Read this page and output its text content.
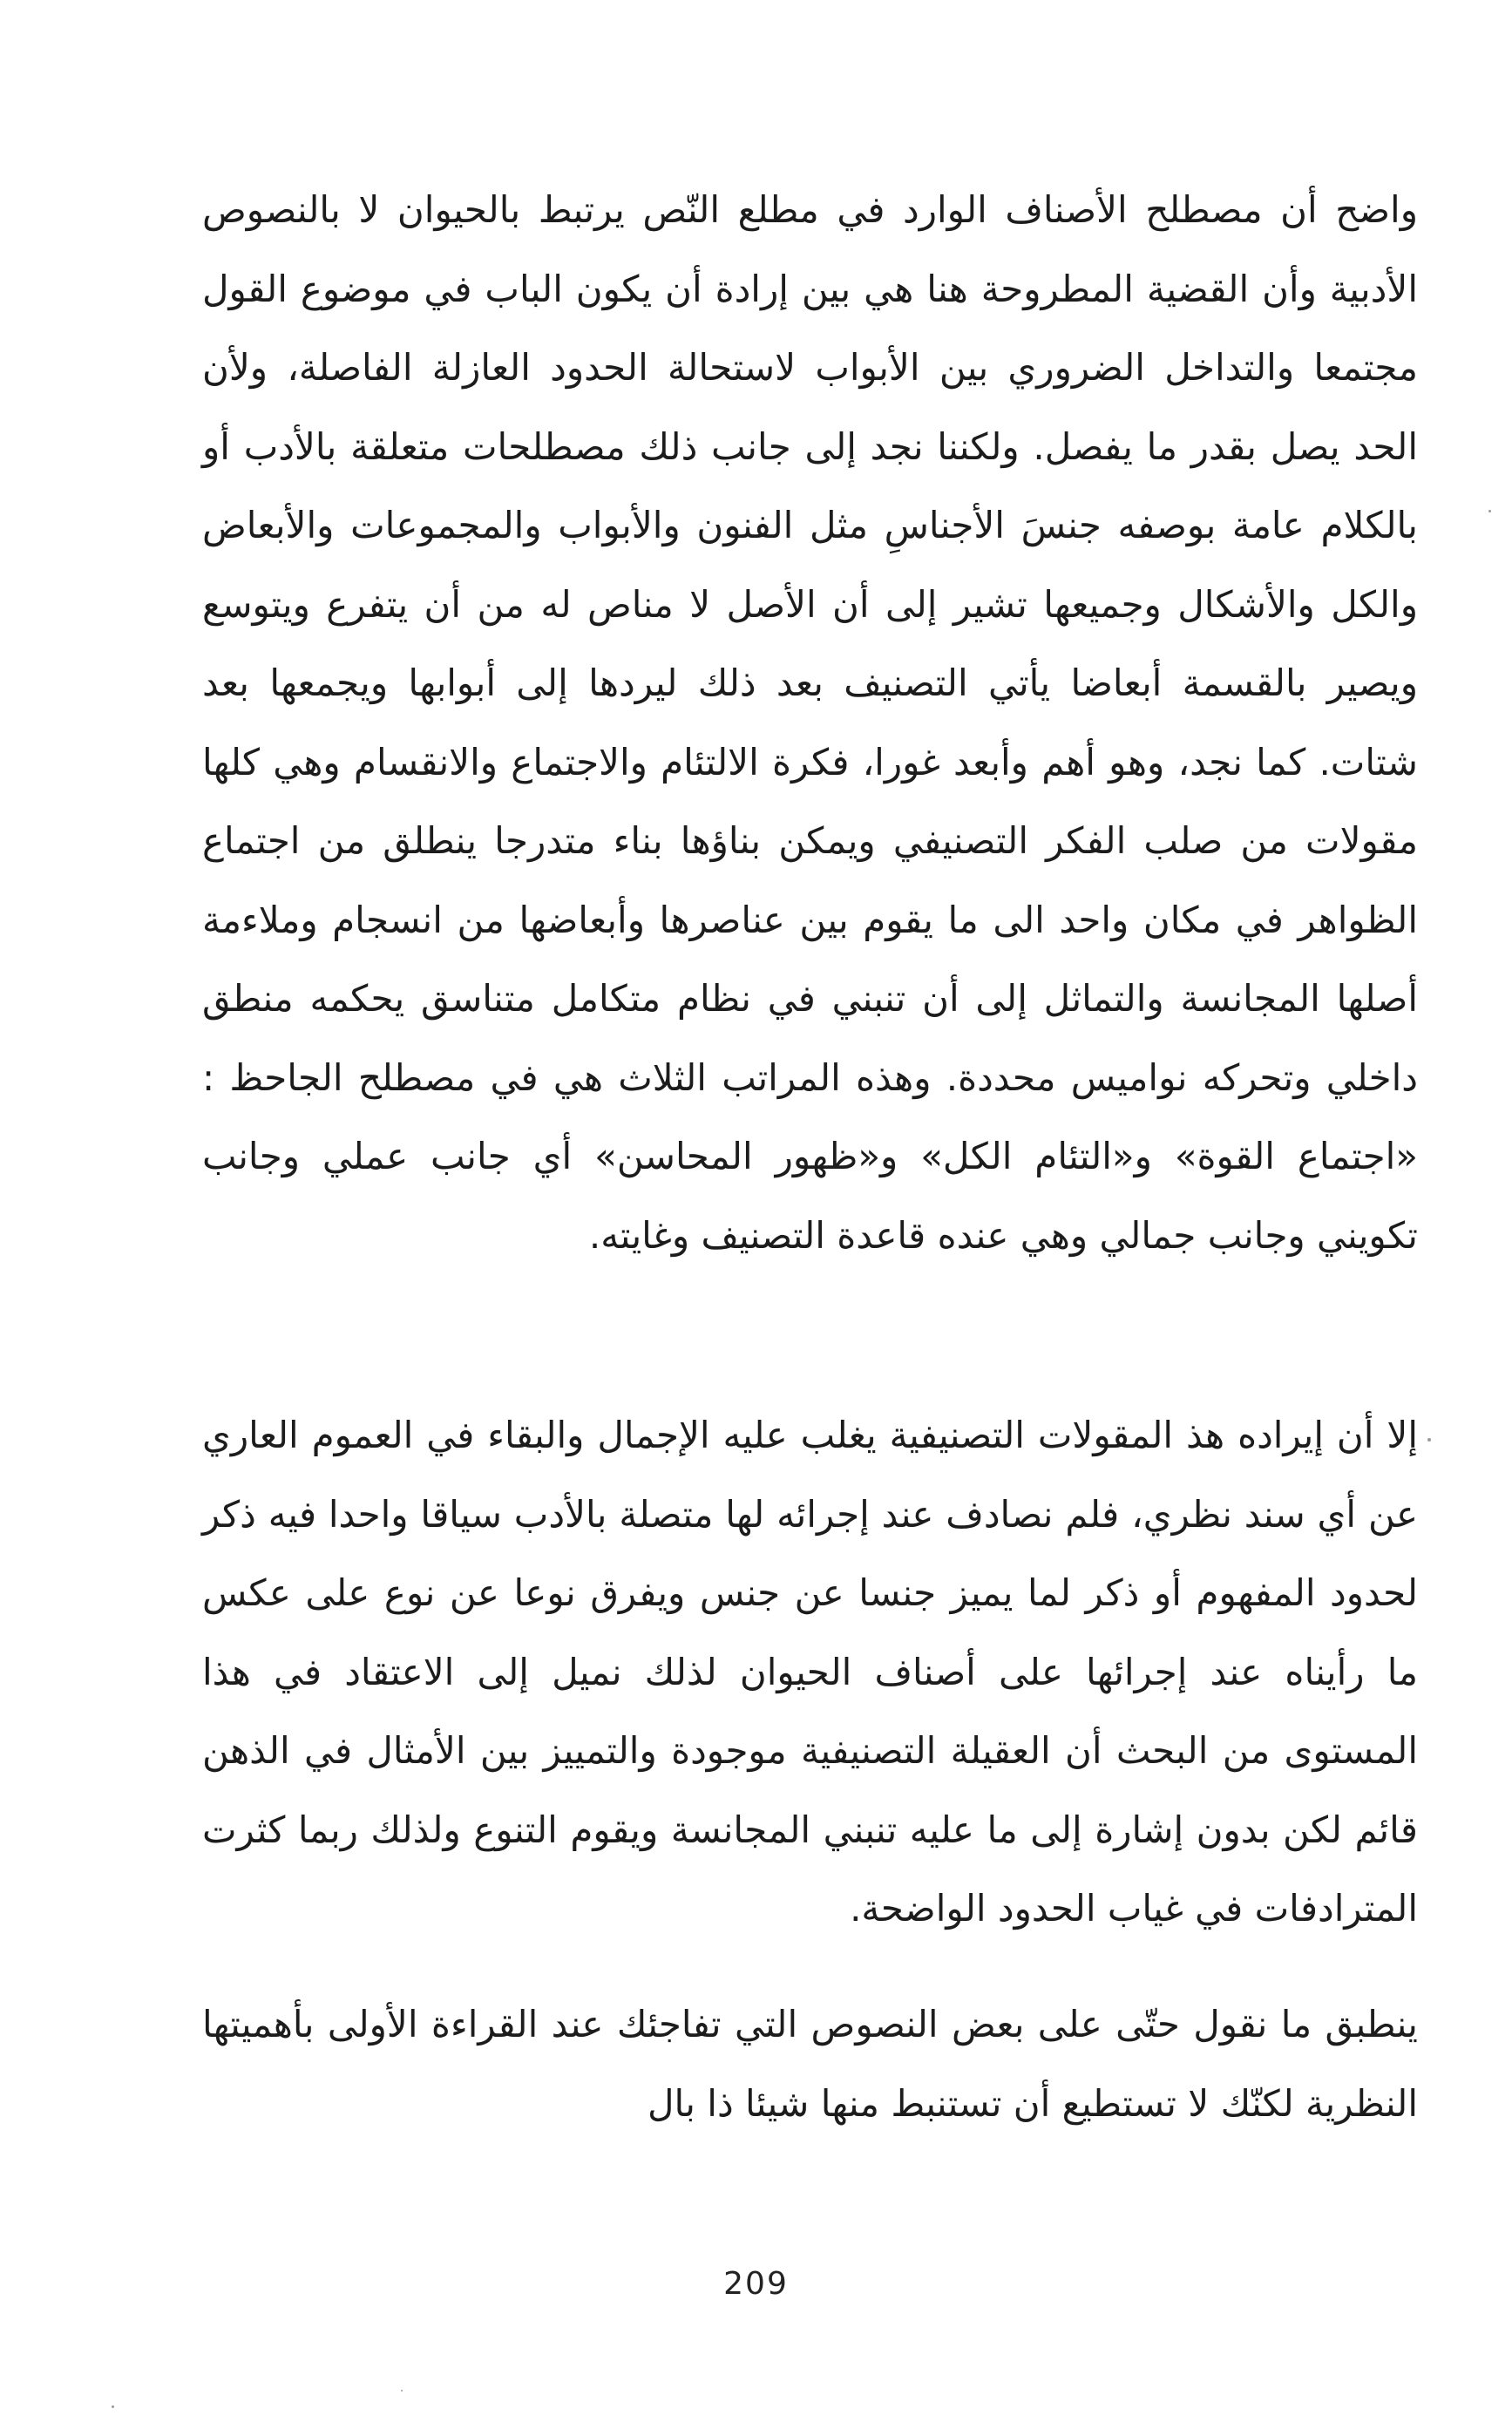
واضح أن مصطلح الأصناف الوارد في مطلع النّص يرتبط بالحيوان لا بالنصوص الأدبية وأن القضية المطروحة هنا هي بين إرادة أن يكون الباب في موضوع القول مجتمعا والتداخل الضروري بين الأبواب لاستحالة الحدود العازلة الفاصلة، ولأن الحد يصل بقدر ما يفصل. ولكننا نجد إلى جانب ذلك مصطلحات متعلقة بالأدب أو بالكلام عامة بوصفه جنسَ الأجناسِ مثل الفنون والأبواب والمجموعات والأبعاض والكل والأشكال وجميعها تشير إلى أن الأصل لا مناص له من أن يتفرع ويتوسع ويصير بالقسمة أبعاضا يأتي التصنيف بعد ذلك ليردها إلى أبوابها ويجمعها بعد شتات. كما نجد، وهو أهم وأبعد غورا، فكرة الالتئام والاجتماع والانقسام وهي كلها مقولات من صلب الفكر التصنيفي ويمكن بناؤها بناء متدرجا ينطلق من اجتماع الظواهر في مكان واحد الى ما يقوم بين عناصرها وأبعاضها من انسجام وملاءمة أصلها المجانسة والتماثل إلى أن تنبني في نظام متكامل متناسق يحكمه منطق داخلي وتحركه نواميس محددة. وهذه المراتب الثلاث هي في مصطلح الجاحظ : «اجتماع القوة» و«التئام الكل» و«ظهور المحاسن» أي جانب عملي وجانب تكويني وجانب جمالي وهي عنده قاعدة التصنيف وغايته.

إلا أن إيراده هذ المقولات التصنيفية يغلب عليه الإجمال والبقاء في العموم العاري عن أي سند نظري، فلم نصادف عند إجرائه لها متصلة بالأدب سياقا واحدا فيه ذكر لحدود المفهوم أو ذكر لما يميز جنسا عن جنس ويفرق نوعا عن نوع على عكس ما رأيناه عند إجرائها على أصناف الحيوان لذلك نميل إلى الاعتقاد في هذا المستوى من البحث أن العقيلة التصنيفية موجودة والتمييز بين الأمثال في الذهن قائم لكن بدون إشارة إلى ما عليه تنبني المجانسة ويقوم التنوع ولذلك ربما كثرت المترادفات في غياب الحدود الواضحة.

ينطبق ما نقول حتّى على بعض النصوص التي تفاجئك عند القراءة الأولى بأهميتها النظرية لكنّك لا تستطيع أن تستنبط منها شيئا ذا بال

209
